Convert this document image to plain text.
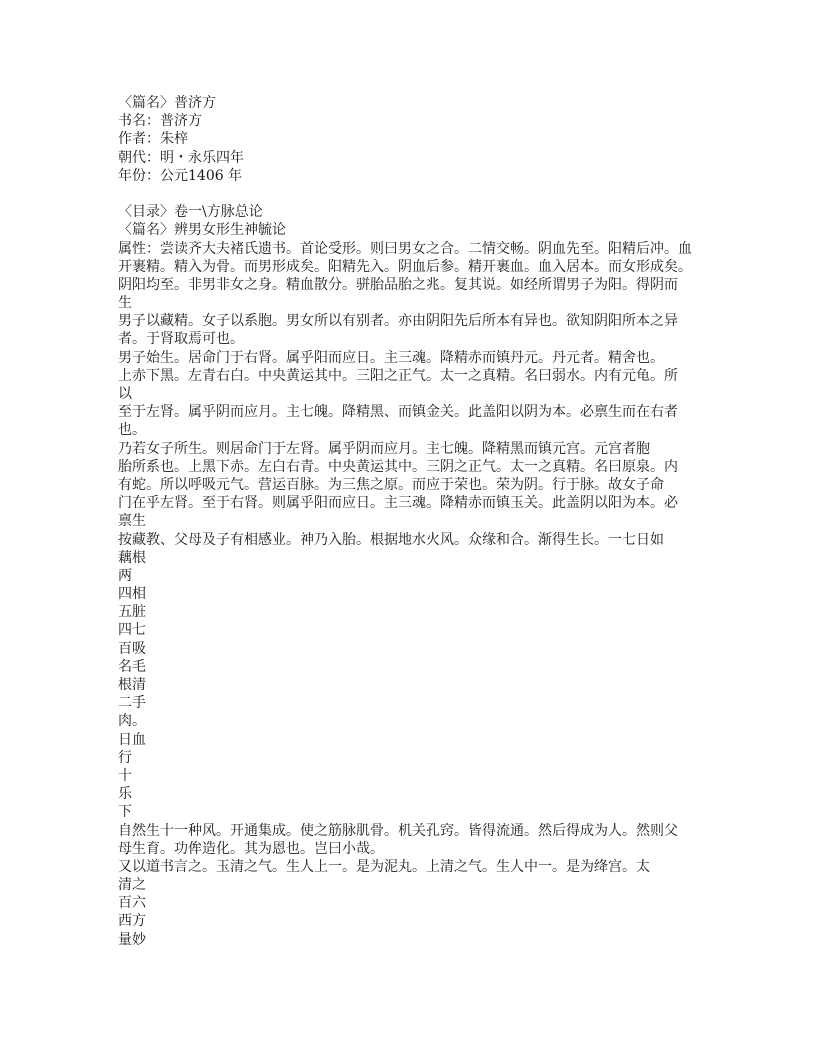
〈篇名〉普济方
书名：普济方
作者：朱梓
朝代：明・永乐四年
年份：公元1406 年
〈目录〉卷一\方脉总论
〈篇名〉辨男女形生神毓论
属性：尝读齐大夫褚氏遗书。首论受形。则曰男女之合。二情交畅。阴血先至。阳精后冲。血
开裹精。精入为骨。而男形成矣。阳精先入。阴血后参。精开裹血。血入居本。而女形成矣。
阴阳均至。非男非女之身。精血散分。骈胎品胎之兆。复其说。如经所谓男子为阳。得阴而
生
男子以藏精。女子以系胞。男女所以有别者。亦由阴阳先后所本有异也。欲知阴阳所本之异
者。于肾取焉可也。
男子始生。居命门于右肾。属乎阳而应日。主三魂。降精赤而镇丹元。丹元者。精舍也。
上赤下黑。左青右白。中央黄运其中。三阳之正气。太一之真精。名曰弱水。内有元龟。所
以
至于左肾。属乎阴而应月。主七魄。降精黑、而镇金关。此盖阳以阴为本。必禀生而在右者
也。
乃若女子所生。则居命门于左肾。属乎阴而应月。主七魄。降精黑而镇元宫。元宫者胞
胎所系也。上黑下赤。左白右青。中央黄运其中。三阴之正气。太一之真精。名曰原泉。内
有蛇。所以呼吸元气。营运百脉。为三焦之原。而应于荣也。荣为阴。行于脉。故女子命
门在乎左肾。至于右肾。则属乎阳而应日。主三魂。降精赤而镇玉关。此盖阴以阳为本。必
禀生
按藏教、父母及子有相感业。神乃入胎。根据地水火风。众缘和合。渐得生长。一七日如
藕根
两
四相
五脏
四七
百吸
名毛
根清
二手
肉。
日血
行
十
乐
下
自然生十一种风。开通集成。使之筋脉肌骨。机关孔窍。皆得流通。然后得成为人。然则父
母生育。功侔造化。其为恩也。岂曰小哉。
又以道书言之。玉清之气。生人上一。是为泥丸。上清之气。生人中一。是为绛宫。太
清之
百六
西方
量妙
